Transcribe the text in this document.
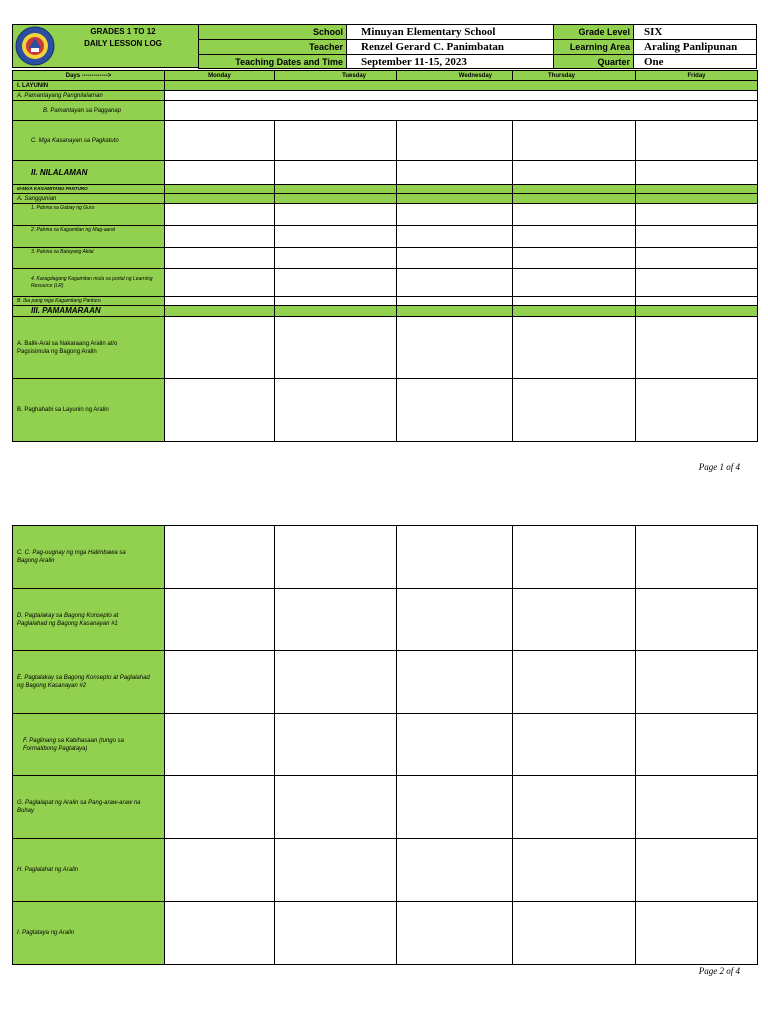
GRADES 1 TO 12
DAILY LESSON LOG
School	Minuyan Elementary School	Grade Level	SIX
Teacher	Renzel Gerard C. Panimbatan	Learning Area	Araling Panlipunan
Teaching Dates and Time	September 11-15, 2023	Quarter	One
Days ------------->	Monday	Tuesday	Wednesday	Thursday	Friday
I. LAYUNIN					
A. Pamantayang Pangnilalaman					
B. Pamantayan sa Pagganap					
C. Mga Kasanayan sa Pagkatuto					
II. NILALAMAN					
III-MGA KAGAMITANG PANTURO					
A. Sanggunian					
1. Pahina sa Gabay ng Guro					
2. Pahina sa Kagamitan ng Mag-aaral					
3. Pahina sa Batayang Aklat					
4. Karagdagang Kagamitan mula sa portal ng Learning Resource (LR)					
B. Iba pang mga Kagamitang Panturo					
III. PAMAMARAAN					
A. Balik-Aral sa Nakaraang Aralin at/o Pagsisimula ng Bagong Aralin					
B. Paghahabi sa Layunin ng Aralin					
Page 1 of 4
C. C. Pag-uugnay ng mga Halimbawa sa Bagong Aralin					
D. Pagtalakay sa Bagong Konsepto at Paglalahad ng Bagong Kasanayan #1					
E. Pagtalakay sa Bagong Konsepto at Paglalahad ng Bagong Kasanayan #2					
F. Paglinang sa Kabihasaan (tungo sa Formatibong Pagtataya)					
G. Paglalapat ng Aralin sa Pang-araw-araw na Buhay					
H. Paglalahat ng Aralin					
I. Pagtataya ng Aralin					
Page 2 of 4
